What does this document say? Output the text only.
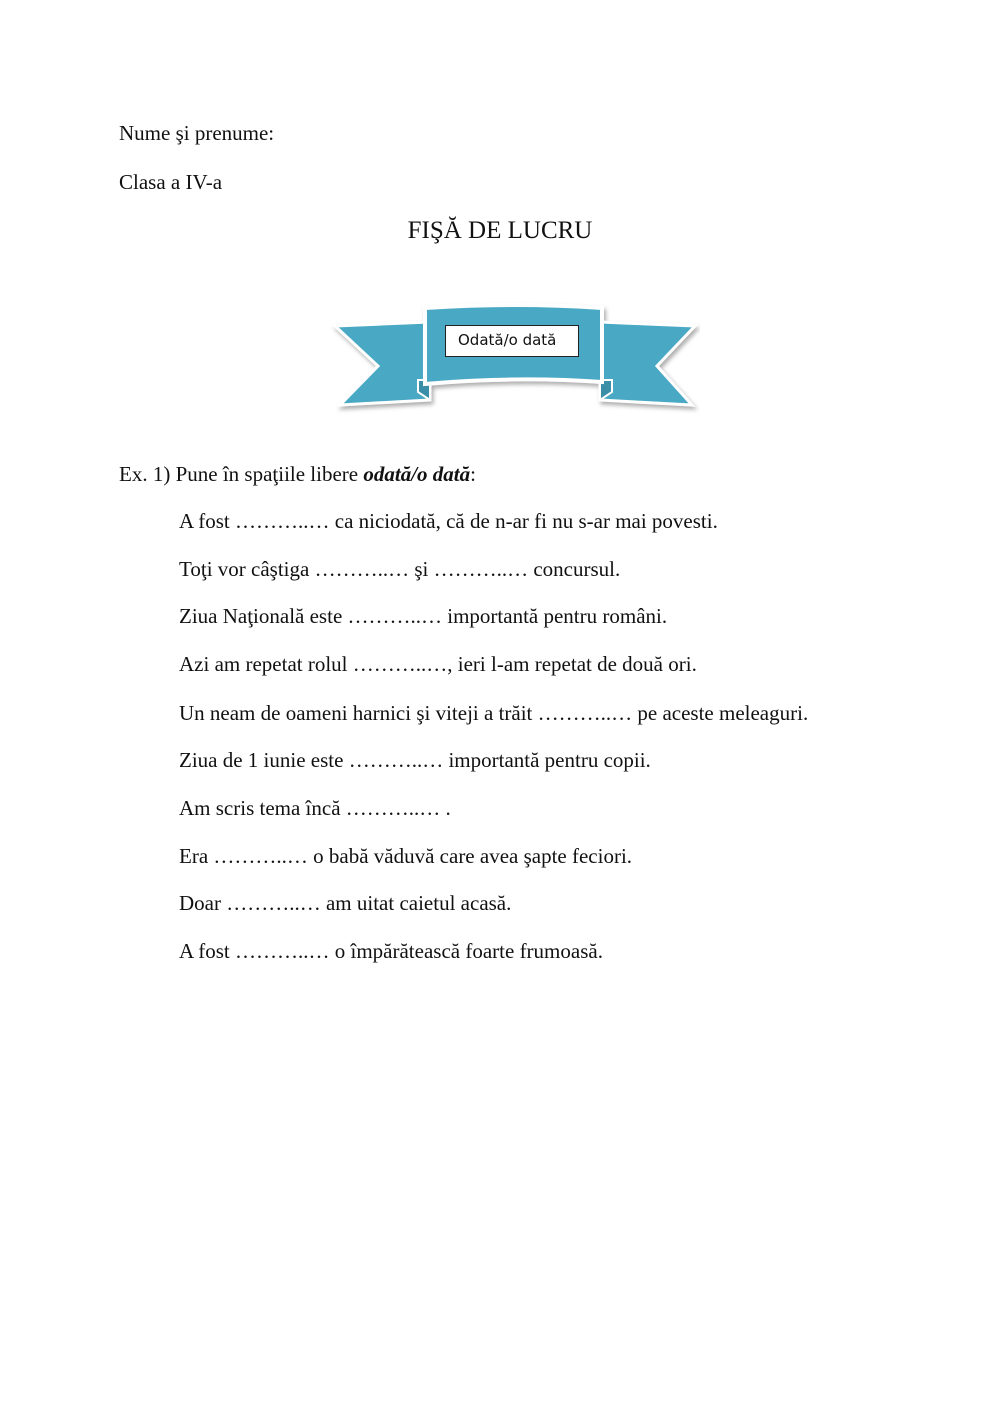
Nume şi prenume:
Clasa a IV-a
FIŞĂ DE LUCRU
Odată/o dată
Ex. 1) Pune în spaţiile libere odată/o dată:
A fost ………..… ca niciodată, că de n-ar fi nu s-ar mai povesti.
Toţi vor câştiga ………..… şi ………..… concursul.
Ziua Naţională este ………..… importantă pentru români.
Azi am repetat rolul ………..…, ieri l-am repetat de două ori.
Un neam de oameni harnici şi viteji a trăit ………..… pe aceste meleaguri.
Ziua de 1 iunie este ………..… importantă pentru copii.
Am scris tema încă ………..… .
Era ………..… o babă văduvă care avea şapte feciori.
Doar ………..… am uitat caietul acasă.
A fost ………..… o împărătească foarte frumoasă.
